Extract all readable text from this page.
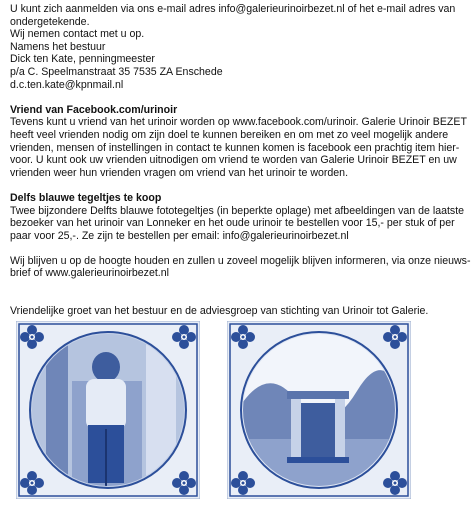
U kunt zich aanmelden via ons e-mail adres info@galerieurinoirbezet.nl of het e-mail adres van ondergetekende.

Wij nemen contact met u op.

Namens het bestuur

Dick ten Kate, penningmeester

p/a C. Speelmanstraat 35 7535 ZA Enschede

d.c.ten.kate@kpnmail.nl

Vriend van Facebook.com/urinoir

Tevens kunt u vriend van het urinoir worden op www.facebook.com/urinoir. Galerie Urinoir BEZET heeft veel vrienden nodig om zijn doel te kunnen bereiken en om met zo veel mogelijk andere vrienden, mensen of instellingen in contact te kunnen komen is facebook een prachtig item hier- voor. U kunt ook uw vrienden uitnodigen om vriend te worden van Galerie Urinoir BEZET en uw vrienden weer hun vrienden vragen om vriend van het urinoir te worden.

Delfs blauwe tegeltjes te koop

Twee bijzondere Delfts blauwe fototegeltjes (in beperkte oplage) met afbeeldingen van de laatste bezoeker van het urinoir van Lonneker en het oude urinoir te bestellen voor 15,- per stuk of per paar voor 25,-. Ze zijn te bestellen per email: info@galerieurinoirbezet.nl

Wij blijven u op de hoogte houden en zullen u zoveel mogelijk blijven informeren, via onze nieuws- brief of www.galerieurinoirbezet.nl

Vriendelijke groet van het bestuur en de adviesgroep van stichting van Urinoir tot Galerie.
